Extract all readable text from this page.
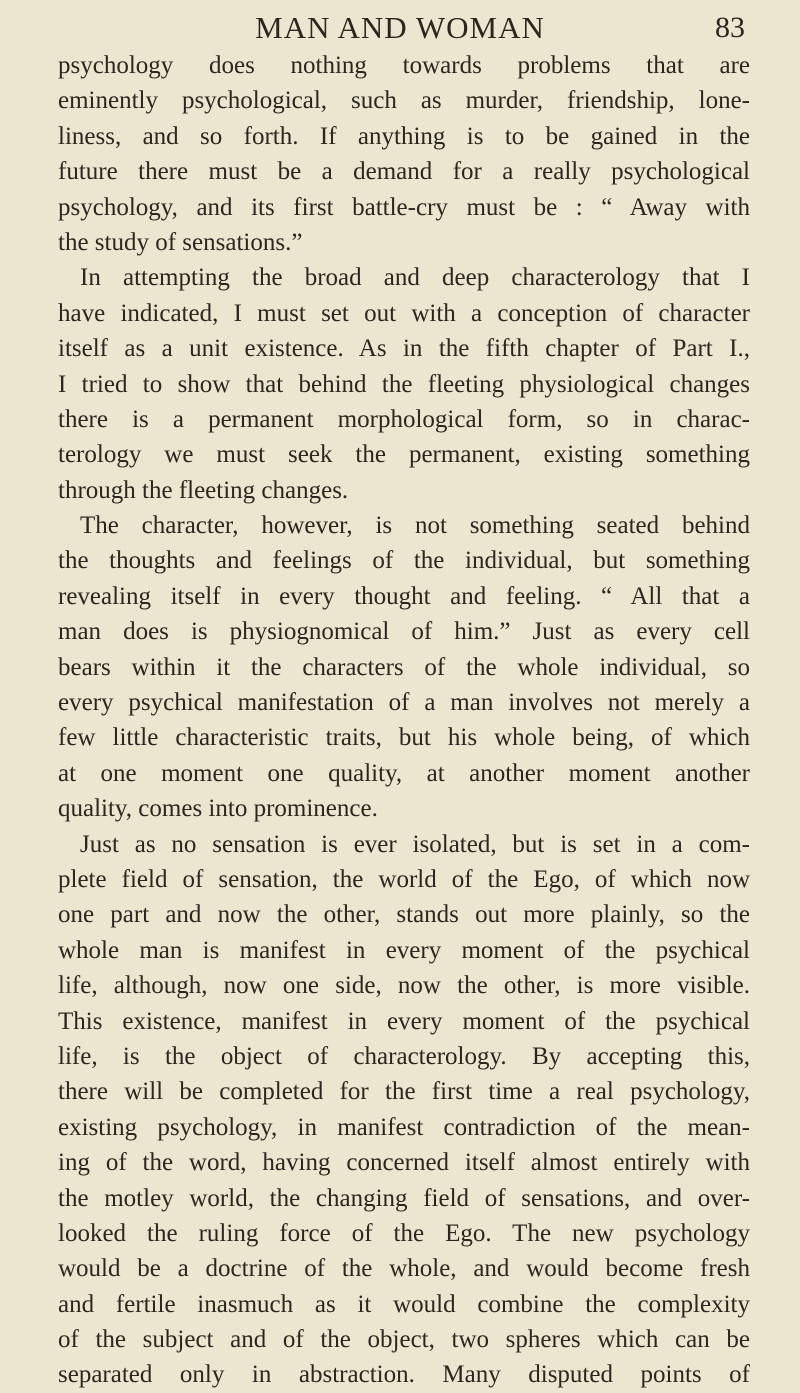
MAN AND WOMAN	83
psychology does nothing towards problems that are
eminently psychological, such as murder, friendship, lone-
liness, and so forth. If anything is to be gained in the
future there must be a demand for a really psychological
psychology, and its first battle-cry must be : “ Away with
the study of sensations.”
In attempting the broad and deep characterology that I
have indicated, I must set out with a conception of character
itself as a unit existence. As in the fifth chapter of Part I.,
I tried to show that behind the fleeting physiological changes
there is a permanent morphological form, so in charac-
terology we must seek the permanent, existing something
through the fleeting changes.
The character, however, is not something seated behind
the thoughts and feelings of the individual, but something
revealing itself in every thought and feeling. “ All that a
man does is physiognomical of him.” Just as every cell
bears within it the characters of the whole individual, so
every psychical manifestation of a man involves not merely a
few little characteristic traits, but his whole being, of which
at one moment one quality, at another moment another
quality, comes into prominence.
Just as no sensation is ever isolated, but is set in a com-
plete field of sensation, the world of the Ego, of which now
one part and now the other, stands out more plainly, so the
whole man is manifest in every moment of the psychical
life, although, now one side, now the other, is more visible.
This existence, manifest in every moment of the psychical
life, is the object of characterology. By accepting this,
there will be completed for the first time a real psychology,
existing psychology, in manifest contradiction of the mean-
ing of the word, having concerned itself almost entirely with
the motley world, the changing field of sensations, and over-
looked the ruling force of the Ego. The new psychology
would be a doctrine of the whole, and would become fresh
and fertile inasmuch as it would combine the complexity
of the subject and of the object, two spheres which can be
separated only in abstraction. Many disputed points of
